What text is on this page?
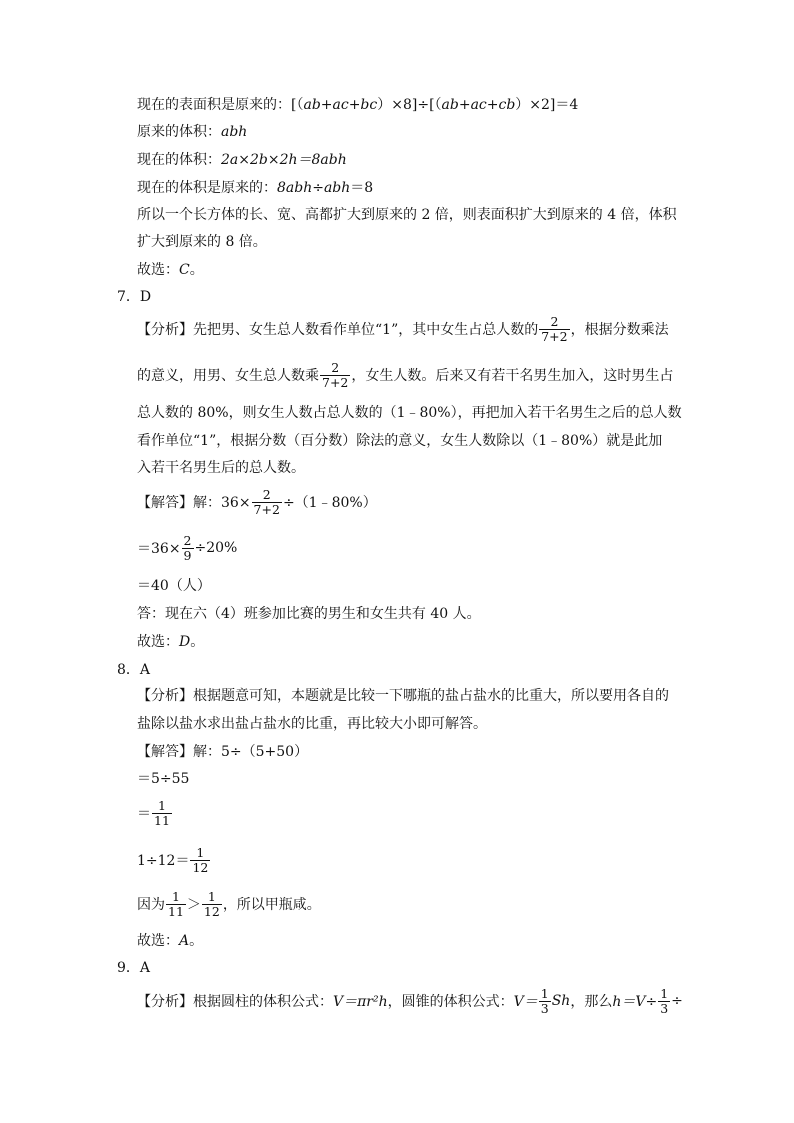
现在的表面积是原来的：[（ab+ac+bc）×8]÷[（ab+ac+cb）×2]＝4
原来的体积：abh
现在的体积：2a×2b×2h＝8abh
现在的体积是原来的：8abh÷abh＝8
所以一个长方体的长、宽、高都扩大到原来的 2 倍，则表面积扩大到原来的 4 倍，体积
扩大到原来的 8 倍。
故选：C。
7．D
【分析】先把男、女生总人数看作单位“1”，其中女生占总人数的 $\frac{2}{7+2}$ ，根据分数乘法
的意义，用男、女生总人数乘 $\frac{2}{7+2}$ ，女生人数。后来又有若干名男生加入，这时男生占
总人数的 80%，则女生人数占总人数的（1﹣80%），再把加入若干名男生之后的总人数
看作单位“1”，根据分数（百分数）除法的意义，女生人数除以（1﹣80%）就是此加
入若干名男生后的总人数。
【解答】解：$36\times \frac{2}{7+2}$ ÷（1﹣80%）
$=36\times \frac{2}{9} \div 20\%$
＝40（人）
答：现在六（4）班参加比赛的男生和女生共有 40 人。
故选：D。
8．A
【分析】根据题意可知，本题就是比较一下哪瓶的盐占盐水的比重大，所以要用各自的
盐除以盐水求出盐占盐水的比重，再比较大小即可解答。
【解答】解：5÷（5+50）
＝5÷55
＝ $\frac{1}{11}$
$1\div 12= \frac{1}{12}$
因为 $\frac{1}{11} > \frac{1}{12}$ ，所以甲瓶咸。
故选：A。
9．A
【分析】根据圆柱的体积公式： V＝πr²h ，圆锥的体积公式： $V= \frac{1}{3}$ Sh ，那么 $h=V\div \frac{1}{3}$ ÷
